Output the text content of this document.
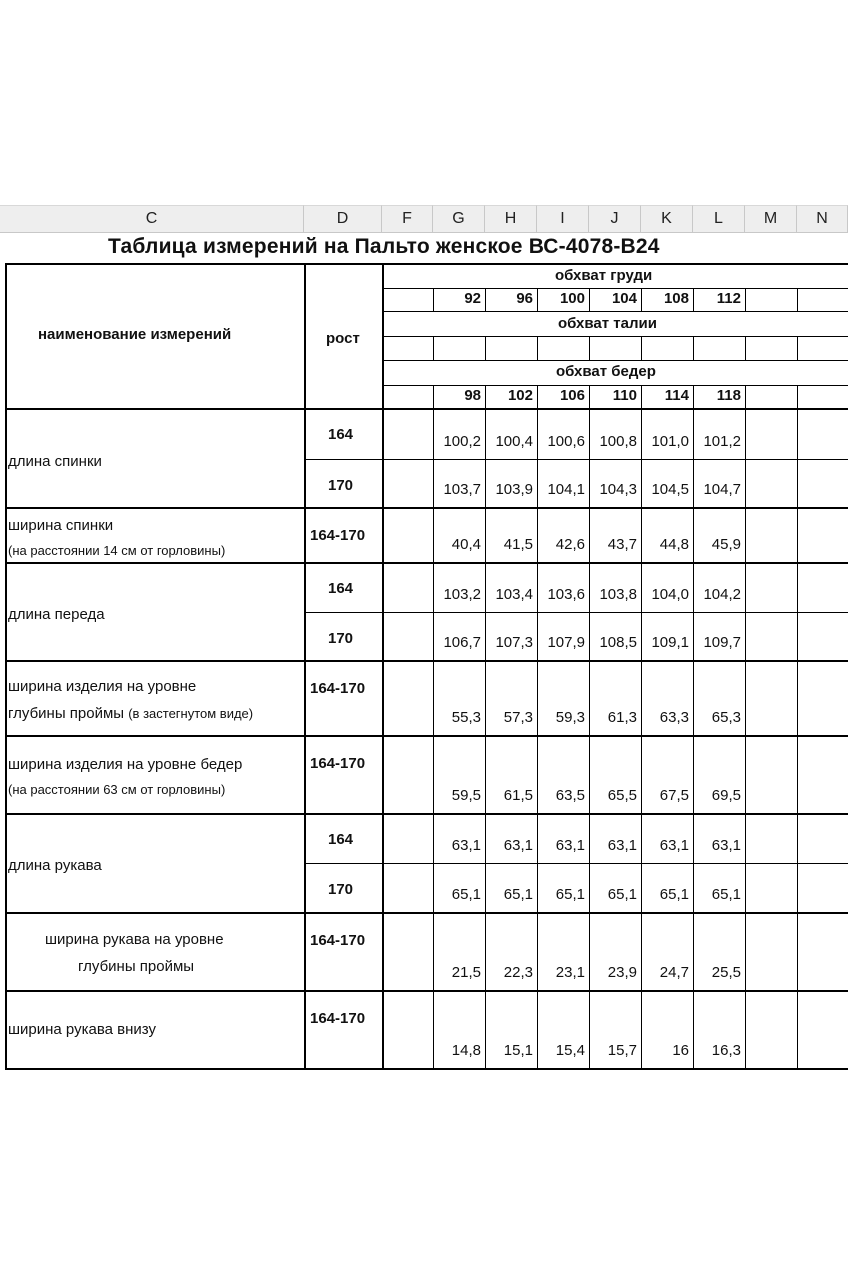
C	D	F	G	H	I	J	K	L	M	N
Таблица измерений на Пальто женское ВС-4078-В24
наименование измерений	рост
обхват груди
обхват талии
обхват бедер
92	96	100	104	108	112
98	102	106	110	114	118
длина спинки
164	100,2 100,4 100,6 100,8 101,0 101,2
170	103,7 103,9 104,1 104,3 104,5 104,7
ширина спинки
(на расстоянии 14 см от горловины)
164-170
40,4	41,5	42,6	43,7	44,8	45,9
длина переда
164	103,2 103,4 103,6 103,8 104,0 104,2
170	106,7 107,3 107,9 108,5 109,1 109,7
ширина изделия на уровне
глубины проймы (в застегнутом виде)
164-170
55,3	57,3	59,3	61,3	63,3	65,3
ширина изделия на уровне бедер
(на расстоянии 63 см от горловины)
164-170
59,5	61,5	63,5	65,5	67,5	69,5
длина рукава
164	63,1	63,1	63,1	63,1	63,1	63,1
170	65,1	65,1	65,1	65,1	65,1	65,1
ширина рукава на уровне
глубины проймы
164-170
21,5	22,3	23,1	23,9	24,7	25,5
ширина рукава внизу
164-170
14,8	15,1	15,4	15,7	16	16,3
